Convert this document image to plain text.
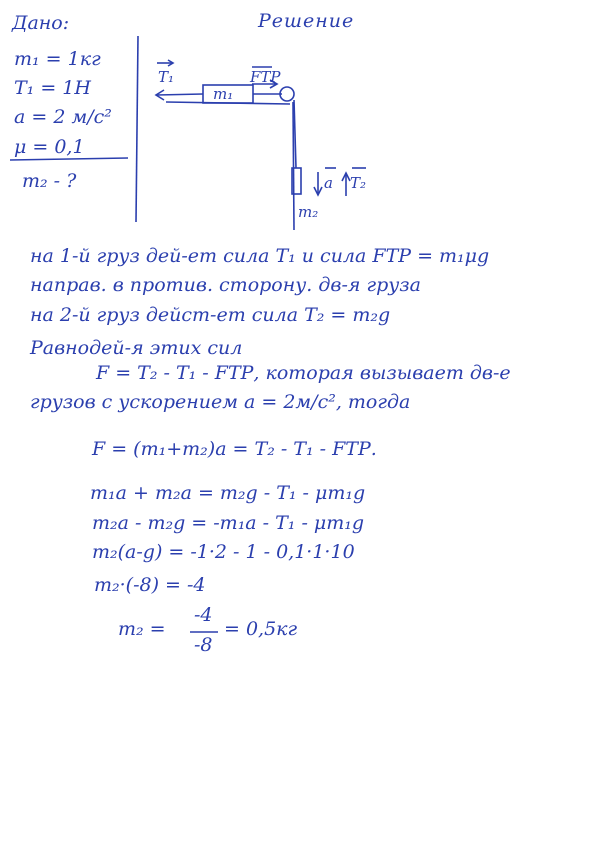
Дано:
m₁ = 1кг
T₁ = 1H
a = 2 м/с²
μ = 0,1
m₂ - ?
Решение
T₁	FТР
m₁
a T₂
m₂
на 1-й груз дей-ет сила T₁ и сила FТР = m₁μg
направ. в против. сторону. дв-я груза
на 2-й груз дейст-ет сила T₂ = m₂g
Равнодей-я этих сил
F = T₂ - T₁ - FТР, которая вызывает дв-е
грузов с ускорением a = 2м/с², тогда
F = (m₁+m₂)a = T₂ - T₁ - FТР.
m₁a + m₂a = m₂g - T₁ - μm₁g
m₂a - m₂g = -m₁a - T₁ - μm₁g
m₂(a-g) = -1·2 - 1 - 0,1·1·10
m₂·(-8) = -4
m₂ =
-4
-8
= 0,5кг
